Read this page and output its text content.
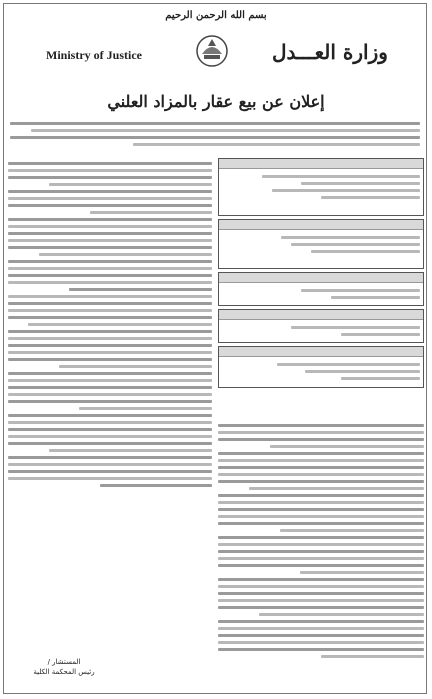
بسم الله الرحمن الرحيم
Ministry of Justice	وزارة العـــدل
إعلان عن بيع عقار بالمزاد العلني
المستشار /
رئيس المحكمة الكلية
